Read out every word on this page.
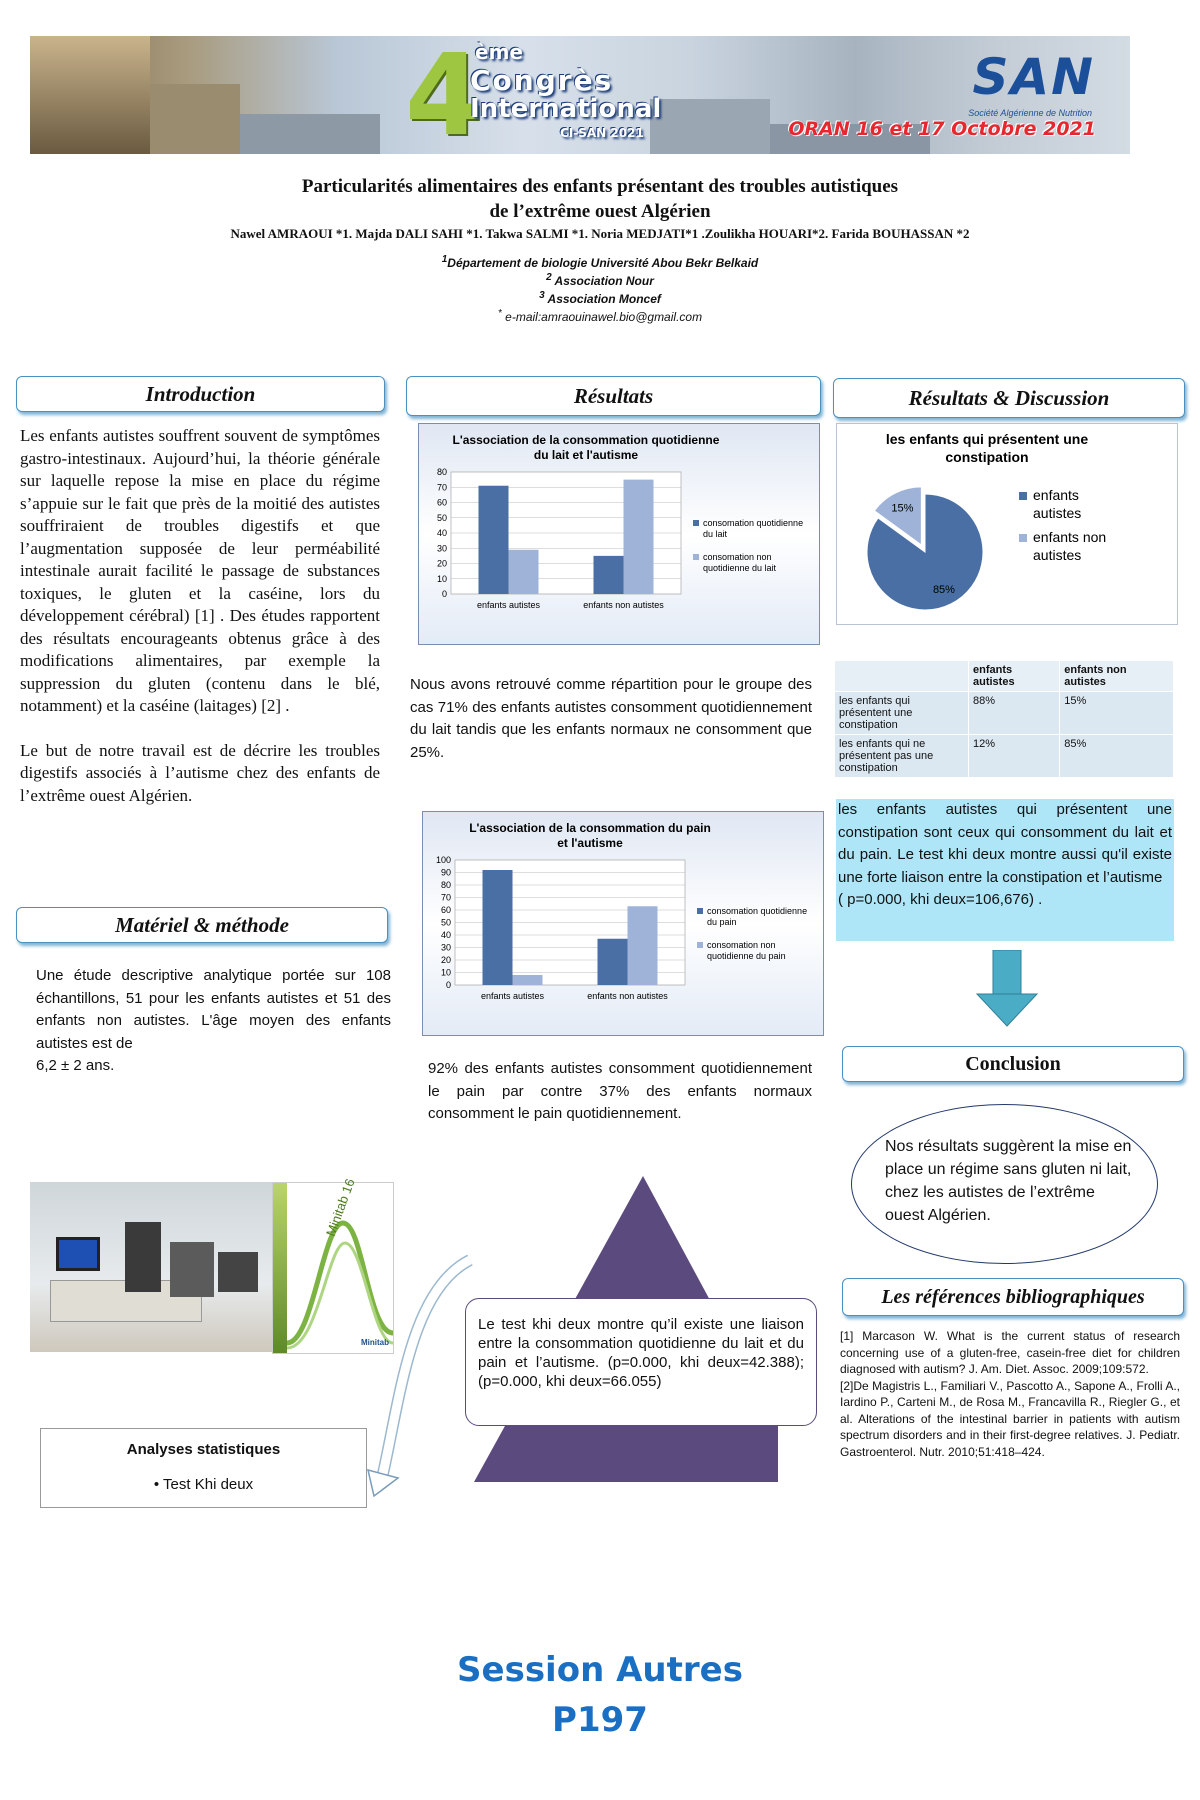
4
ème
Congrès
International
CI-SAN 2021
SAN
Société Algérienne de Nutrition
ORAN 16 et 17 Octobre 2021
Particularités alimentaires des enfants présentant des troubles autistiques
de l’extrême ouest Algérien
Nawel AMRAOUI *1. Majda DALI SAHI *1. Takwa SALMI *1. Noria MEDJATI*1 .Zoulikha HOUARI*2. Farida BOUHASSAN *2
$^1$Département de biologie Université Abou Bekr Belkaid
$^2$ Association Nour
$^3$ Association Moncef
* e-mail:amraouinawel.bio@gmail.com
Introduction
Les enfants autistes souffrent souvent de symptômes gastro-intestinaux. Aujourd’hui, la théorie générale sur laquelle repose la mise en place du régime s’appuie sur le fait que près de la moitié des autistes souffriraient de troubles digestifs et que l’augmentation supposée de leur perméabilité intestinale aurait facilité le passage de substances toxiques, le gluten et la caséine, lors du développement cérébral) [1] . Des études rapportent des résultats encourageants obtenus grâce à des modifications alimentaires, par exemple la suppression du gluten (contenu dans le blé, notamment) et la caséine (laitages) [2] .
Le but de notre travail est de décrire les troubles digestifs associés à l’autisme chez des enfants de l’extrême ouest Algérien.
Matériel & méthode
Une étude descriptive analytique portée sur 108 échantillons, 51 pour les enfants autistes et 51 des enfants non autistes. L'âge moyen des enfants autistes est de
6,2 ± 2 ans.
Minitab 16
Minitab
Analyses statistiques
• Test Khi deux
Résultats
L'association de la consommation quotidienne
du lait et l'autisme
0
10
20
30
40
50
60
70
80
enfants autistes	enfants non autistes
consomation quotidienne
du lait
consomation non
quotidienne du lait
Nous avons retrouvé comme répartition pour le groupe des cas 71% des enfants autistes consomment quotidiennement du lait tandis que les enfants normaux ne consomment que 25%.
L'association de la consommation du pain
et l'autisme
0
10
20
30
40
50
60
70
80
90
100
enfants autistes	enfants non autistes
consomation quotidienne
du pain
consomation non
quotidienne du pain
92% des enfants autistes consomment quotidiennement le pain par contre 37% des enfants normaux consomment le pain quotidiennement.
Le test khi deux montre qu’il existe une liaison entre la consommation quotidienne du lait et du pain et l’autisme. (p=0.000, khi deux=42.388); (p=0.000, khi deux=66.055)
Résultats & Discussion
les enfants qui présentent une
constipation
85%
15%
enfants
autistes
enfants non
autistes
	enfants autistes	enfants non autistes
les enfants qui présentent une constipation	88%	15%
les enfants qui ne présentent pas une constipation	12%	85%
les enfants autistes qui présentent une constipation sont ceux qui consomment du lait et du pain. Le test khi deux montre aussi qu'il existe une forte liaison entre la constipation et l’autisme
( p=0.000, khi deux=106,676) .
Conclusion
Nos résultats suggèrent la mise en place un régime sans gluten ni lait, chez les autistes de l’extrême ouest Algérien.
Les références bibliographiques
[1] Marcason W. What is the current status of research concerning use of a gluten-free, casein-free diet for children diagnosed with autism? J. Am. Diet. Assoc. 2009;109:572.
[2]De Magistris L., Familiari V., Pascotto A., Sapone A., Frolli A., Iardino P., Carteni M., de Rosa M., Francavilla R., Riegler G., et al. Alterations of the intestinal barrier in patients with autism spectrum disorders and in their first-degree relatives. J. Pediatr. Gastroenterol. Nutr. 2010;51:418–424.
Session Autres
P197
